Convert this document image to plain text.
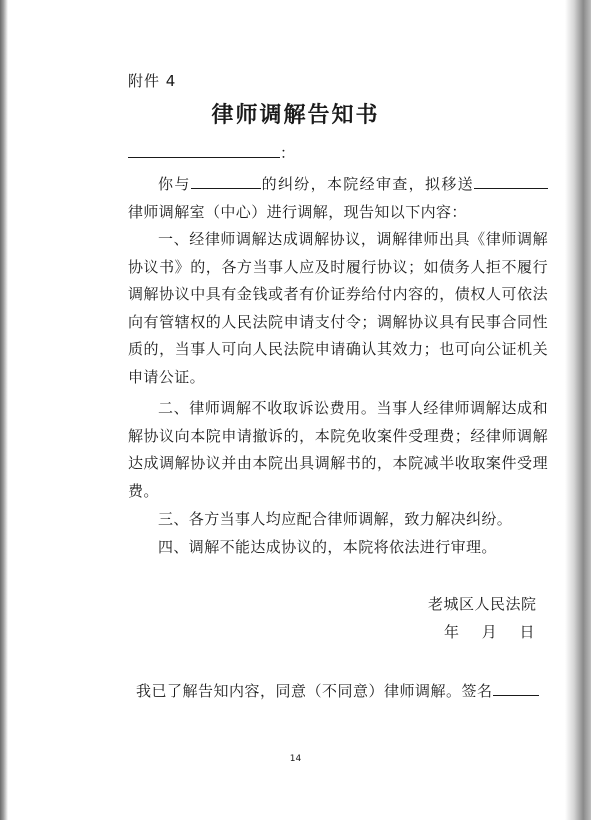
附件 4
律师调解告知书
：
你与	的纠纷，本院经审查，拟移送律师调解室（中心）进行调解，现告知以下内容：
一、经律师调解达成调解协议，调解律师出具《律师调解协议书》的，各方当事人应及时履行协议；如债务人拒不履行调解协议中具有金钱或者有价证券给付内容的，债权人可依法向有管辖权的人民法院申请支付令；调解协议具有民事合同性质的，当事人可向人民法院申请确认其效力；也可向公证机关申请公证。
二、律师调解不收取诉讼费用。当事人经律师调解达成和解协议向本院申请撤诉的，本院免收案件受理费；经律师调解达成调解协议并由本院出具调解书的，本院减半收取案件受理费。
三、各方当事人均应配合律师调解，致力解决纠纷。
四、调解不能达成协议的，本院将依法进行审理。
老城区人民法院
年 月 日
我已了解告知内容，同意（不同意）律师调解。签名
14
